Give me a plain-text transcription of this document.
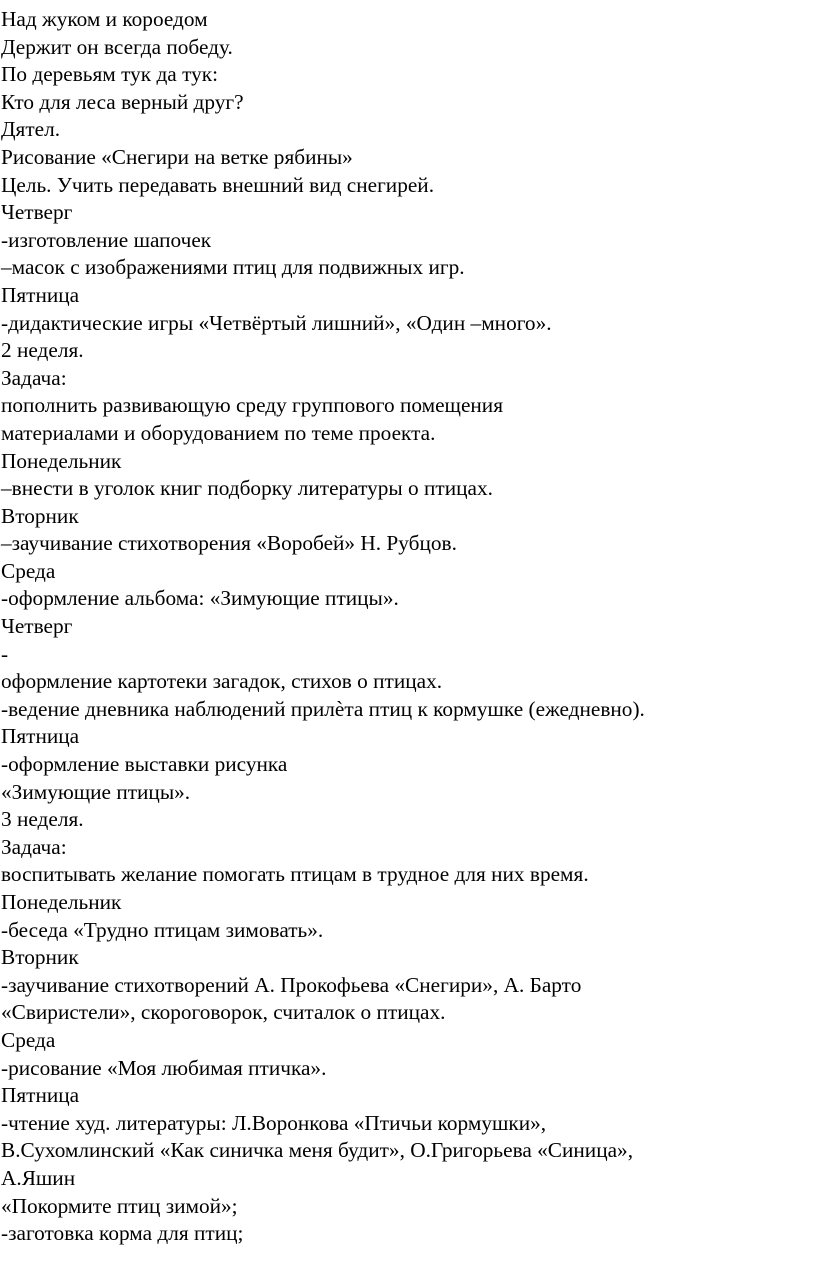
Над жуком и короедом
Держит он всегда победу.
По деревьям тук да тук:
Кто для леса верный друг?
Дятел.
Рисование «Снегири на ветке рябины»
Цель. Учить передавать внешний вид снегирей.
Четверг
-изготовление шапочек
–масок с изображениями птиц для подвижных игр.
Пятница
-дидактические игры «Четвёртый лишний», «Один –много».
2 неделя.
Задача:
пополнить развивающую среду группового помещения
материалами и оборудованием по теме проекта.
Понедельник
–внести в уголок книг подборку литературы о птицах.
Вторник
–заучивание стихотворения «Воробей» Н. Рубцов.
Среда
-оформление альбома: «Зимующие птицы».
Четверг
-
оформление картотеки загадок, стихов о птицах.
-ведение дневника наблюдений прилѐта птиц к кормушке (ежедневно).
Пятница
-оформление выставки рисунка
«Зимующие птицы».
3 неделя.
Задача:
воспитывать желание помогать птицам в трудное для них время.
Понедельник
-беседа «Трудно птицам зимовать».
Вторник
-заучивание стихотворений А. Прокофьева «Снегири», А. Барто
«Свиристели», скороговорок, считалок о птицах.
Среда
-рисование «Моя любимая птичка».
Пятница
-чтение худ. литературы: Л.Воронкова «Птичьи кормушки»,
В.Сухомлинский «Как синичка меня будит», О.Григорьева «Синица»,
А.Яшин
«Покормите птиц зимой»;
-заготовка корма для птиц;
